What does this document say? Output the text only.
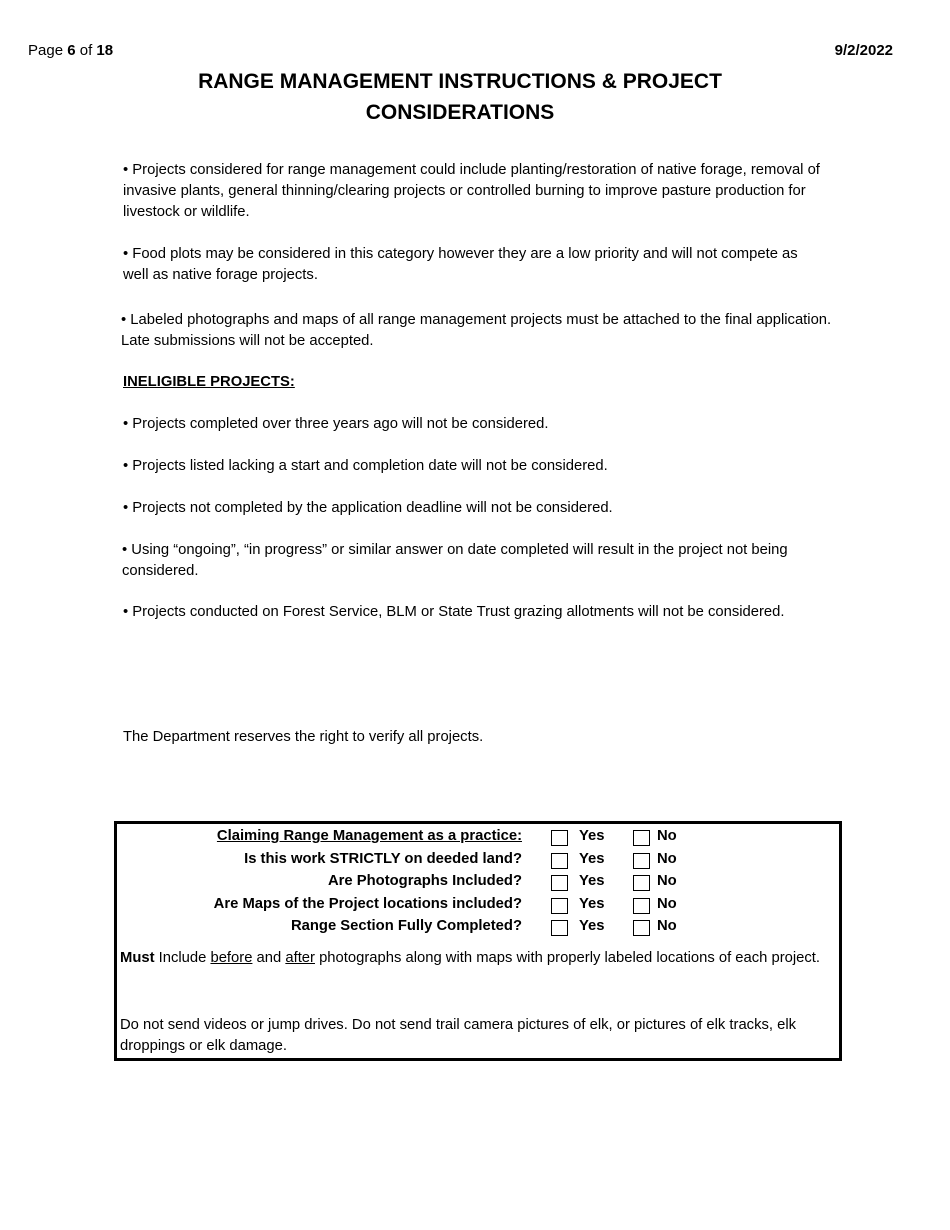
Page 6 of 18	9/2/2022
RANGE MANAGEMENT INSTRUCTIONS & PROJECT
CONSIDERATIONS
• Projects considered for range management could include planting/restoration of native forage, removal of invasive plants, general thinning/clearing projects or controlled burning to improve pasture production for livestock or wildlife.
• Food plots may be considered in this category however they are a low priority and will not compete as well as native forage projects.
• Labeled photographs and maps of all range management projects must be attached to the final application. Late submissions will not be accepted.
INELIGIBLE PROJECTS:
• Projects completed over three years ago will not be considered.
• Projects listed lacking a start and completion date will not be considered.
• Projects not completed by the application deadline will not be considered.
• Using “ongoing”, “in progress” or similar answer on date completed will result in the project not being considered.
• Projects conducted on Forest Service, BLM or State Trust grazing allotments will not be considered.
The Department reserves the right to verify all projects.
Claiming Range Management as a practice:	Yes	No
Is this work STRICTLY on deeded land?	Yes	No
Are Photographs Included?	Yes	No
Are Maps of the Project locations included?	Yes	No
Range Section Fully Completed?	Yes	No
Must Include before and after photographs along with maps with properly labeled locations of each project.
Do not send videos or jump drives. Do not send trail camera pictures of elk, or pictures of elk tracks, elk droppings or elk damage.
